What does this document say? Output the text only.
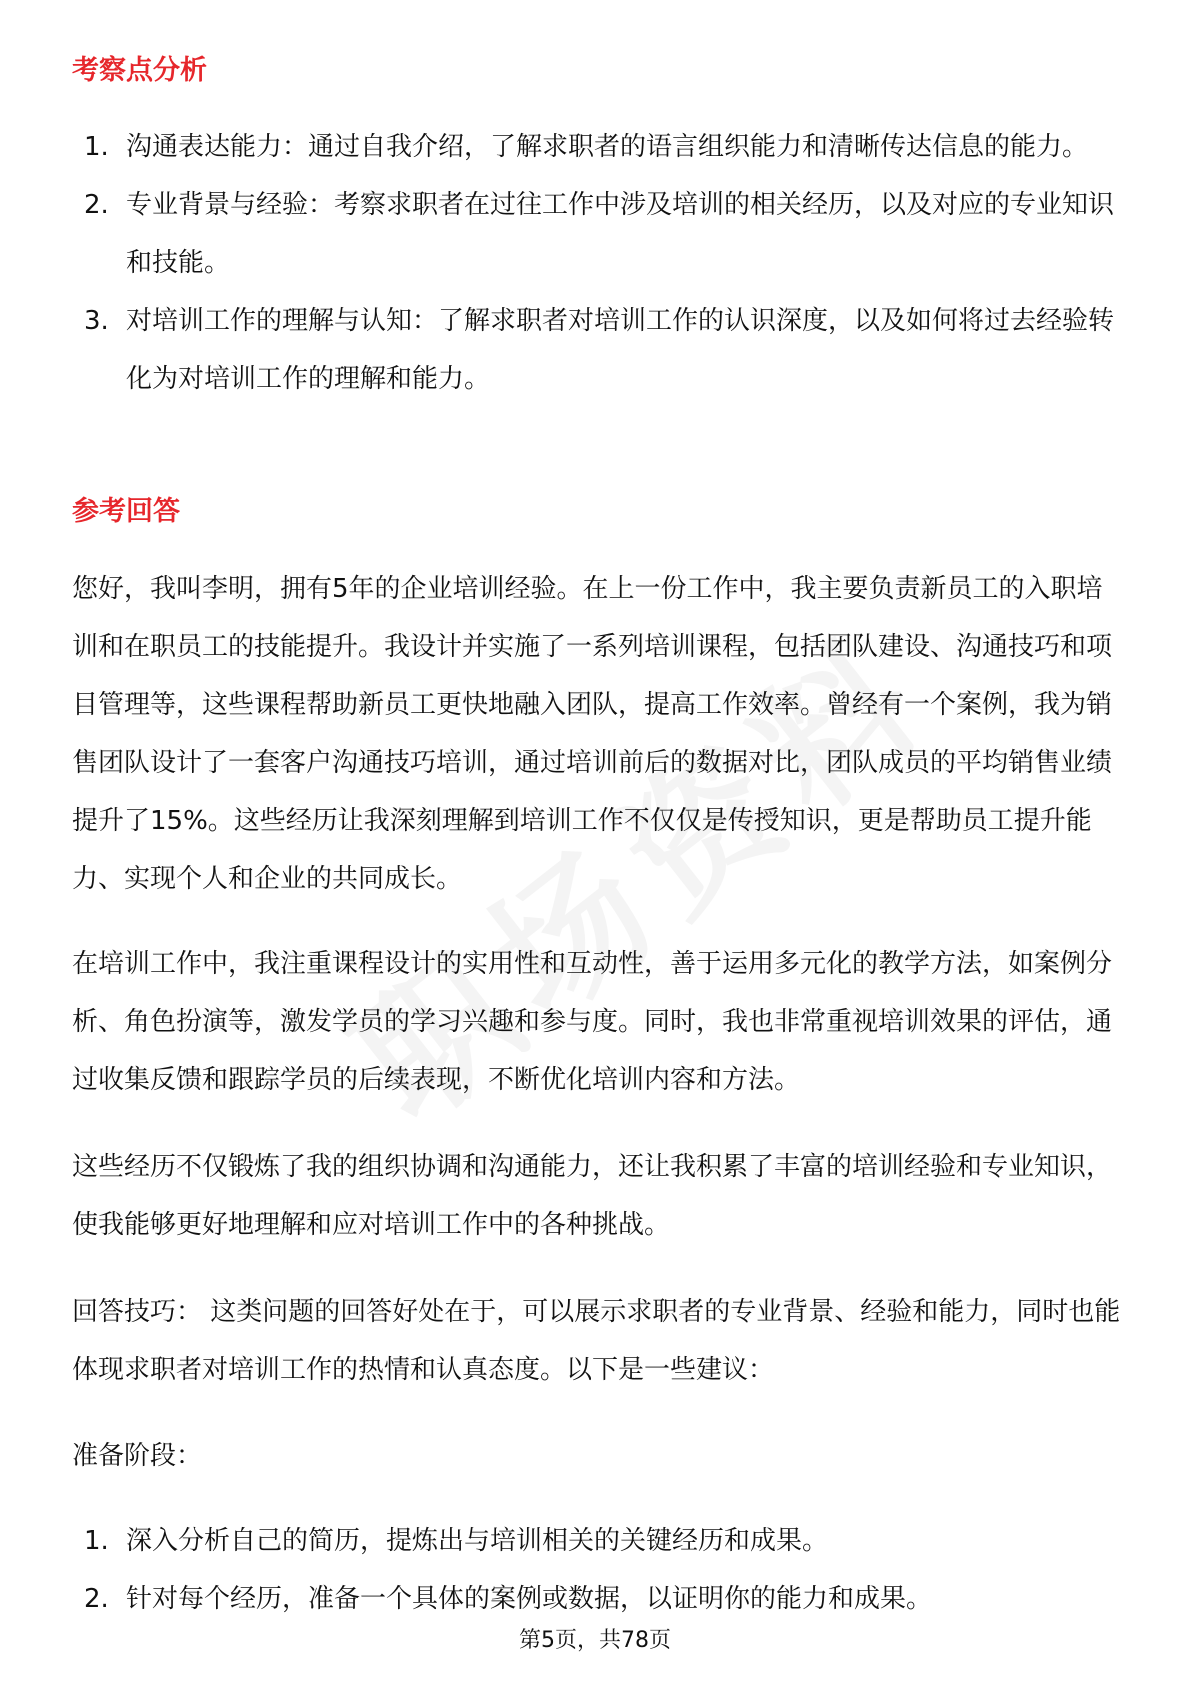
考察点分析
1. 沟通表达能力：通过自我介绍，了解求职者的语言组织能力和清晰传达信息的能力。
2. 专业背景与经验：考察求职者在过往工作中涉及培训的相关经历，以及对应的专业知识和技能。
3. 对培训工作的理解与认知：了解求职者对培训工作的认识深度，以及如何将过去经验转化为对培训工作的理解和能力。
参考回答

您好，我叫李明，拥有5年的企业培训经验。在上一份工作中，我主要负责新员工的入职培训和在职员工的技能提升。我设计并实施了一系列培训课程，包括团队建设、沟通技巧和项目管理等，这些课程帮助新员工更快地融入团队，提高工作效率。曾经有一个案例，我为销售团队设计了一套客户沟通技巧培训，通过培训前后的数据对比，团队成员的平均销售业绩提升了15%。这些经历让我深刻理解到培训工作不仅仅是传授知识，更是帮助员工提升能力、实现个人和企业的共同成长。

在培训工作中，我注重课程设计的实用性和互动性，善于运用多元化的教学方法，如案例分析、角色扮演等，激发学员的学习兴趣和参与度。同时，我也非常重视培训效果的评估，通过收集反馈和跟踪学员的后续表现，不断优化培训内容和方法。

这些经历不仅锻炼了我的组织协调和沟通能力，还让我积累了丰富的培训经验和专业知识，使我能够更好地理解和应对培训工作中的各种挑战。

回答技巧： 这类问题的回答好处在于，可以展示求职者的专业背景、经验和能力，同时也能体现求职者对培训工作的热情和认真态度。以下是一些建议：

准备阶段：

1. 深入分析自己的简历，提炼出与培训相关的关键经历和成果。
2. 针对每个经历，准备一个具体的案例或数据，以证明你的能力和成果。
第5页，共78页
